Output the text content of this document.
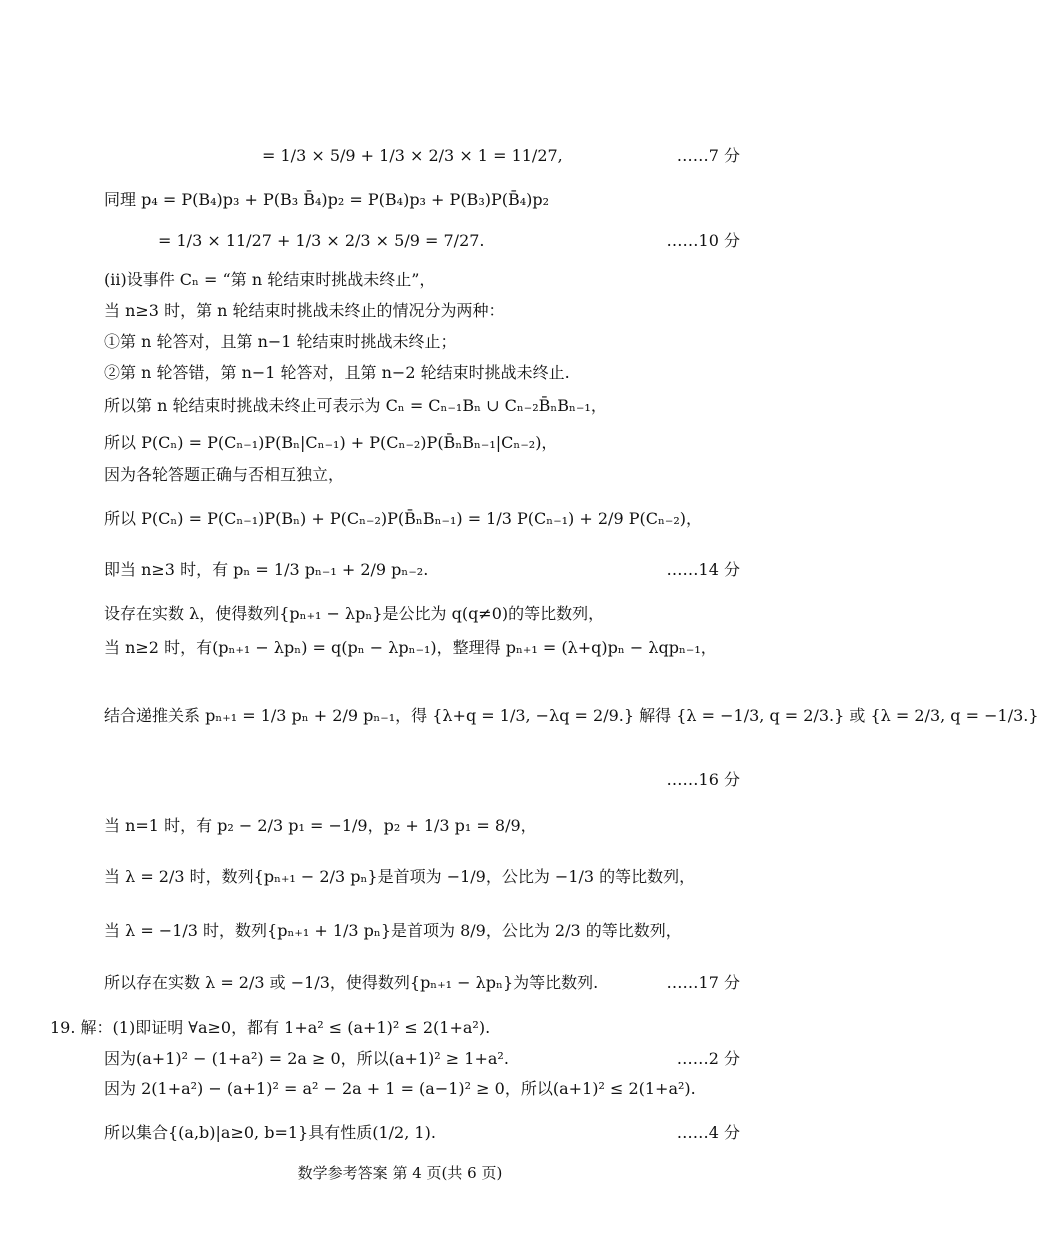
= 1/3 × 5/9 + 1/3 × 2/3 × 1 = 11/27,	……7 分
同理 p₄ = P(B₄)p₃ + P(B₃ B̄₄)p₂ = P(B₄)p₃ + P(B₃)P(B̄₄)p₂
= 1/3 × 11/27 + 1/3 × 2/3 × 5/9 = 7/27.	……10 分
(ii)设事件 Cₙ = “第 n 轮结束时挑战未终止”，
当 n≥3 时，第 n 轮结束时挑战未终止的情况分为两种：
①第 n 轮答对，且第 n−1 轮结束时挑战未终止；
②第 n 轮答错，第 n−1 轮答对，且第 n−2 轮结束时挑战未终止.
所以第 n 轮结束时挑战未终止可表示为 Cₙ = Cₙ₋₁Bₙ ∪ Cₙ₋₂B̄ₙBₙ₋₁，
所以 P(Cₙ) = P(Cₙ₋₁)P(Bₙ|Cₙ₋₁) + P(Cₙ₋₂)P(B̄ₙBₙ₋₁|Cₙ₋₂)，
因为各轮答题正确与否相互独立，
所以 P(Cₙ) = P(Cₙ₋₁)P(Bₙ) + P(Cₙ₋₂)P(B̄ₙBₙ₋₁) = 1/3 P(Cₙ₋₁) + 2/9 P(Cₙ₋₂)，
即当 n≥3 时，有 pₙ = 1/3 pₙ₋₁ + 2/9 pₙ₋₂.	……14 分
设存在实数 λ，使得数列{pₙ₊₁ − λpₙ}是公比为 q(q≠0)的等比数列，
当 n≥2 时，有(pₙ₊₁ − λpₙ) = q(pₙ − λpₙ₋₁)，整理得 pₙ₊₁ = (λ+q)pₙ − λqpₙ₋₁，
结合递推关系 pₙ₊₁ = 1/3 pₙ + 2/9 pₙ₋₁，得 {λ+q = 1/3, −λq = 2/9.} 解得 {λ = −1/3, q = 2/3.} 或 {λ = 2/3, q = −1/3.}
……16 分
当 n=1 时，有 p₂ − 2/3 p₁ = −1/9，p₂ + 1/3 p₁ = 8/9，
当 λ = 2/3 时，数列{pₙ₊₁ − 2/3 pₙ}是首项为 −1/9，公比为 −1/3 的等比数列，
当 λ = −1/3 时，数列{pₙ₊₁ + 1/3 pₙ}是首项为 8/9，公比为 2/3 的等比数列，
所以存在实数 λ = 2/3 或 −1/3，使得数列{pₙ₊₁ − λpₙ}为等比数列.	……17 分
19. 解：(1)即证明 ∀a≥0，都有 1+a² ≤ (a+1)² ≤ 2(1+a²).
因为(a+1)² − (1+a²) = 2a ≥ 0，所以(a+1)² ≥ 1+a².	……2 分
因为 2(1+a²) − (a+1)² = a² − 2a + 1 = (a−1)² ≥ 0，所以(a+1)² ≤ 2(1+a²).
所以集合{(a,b)|a≥0, b=1}具有性质(1/2, 1).	……4 分
数学参考答案 第 4 页(共 6 页)
